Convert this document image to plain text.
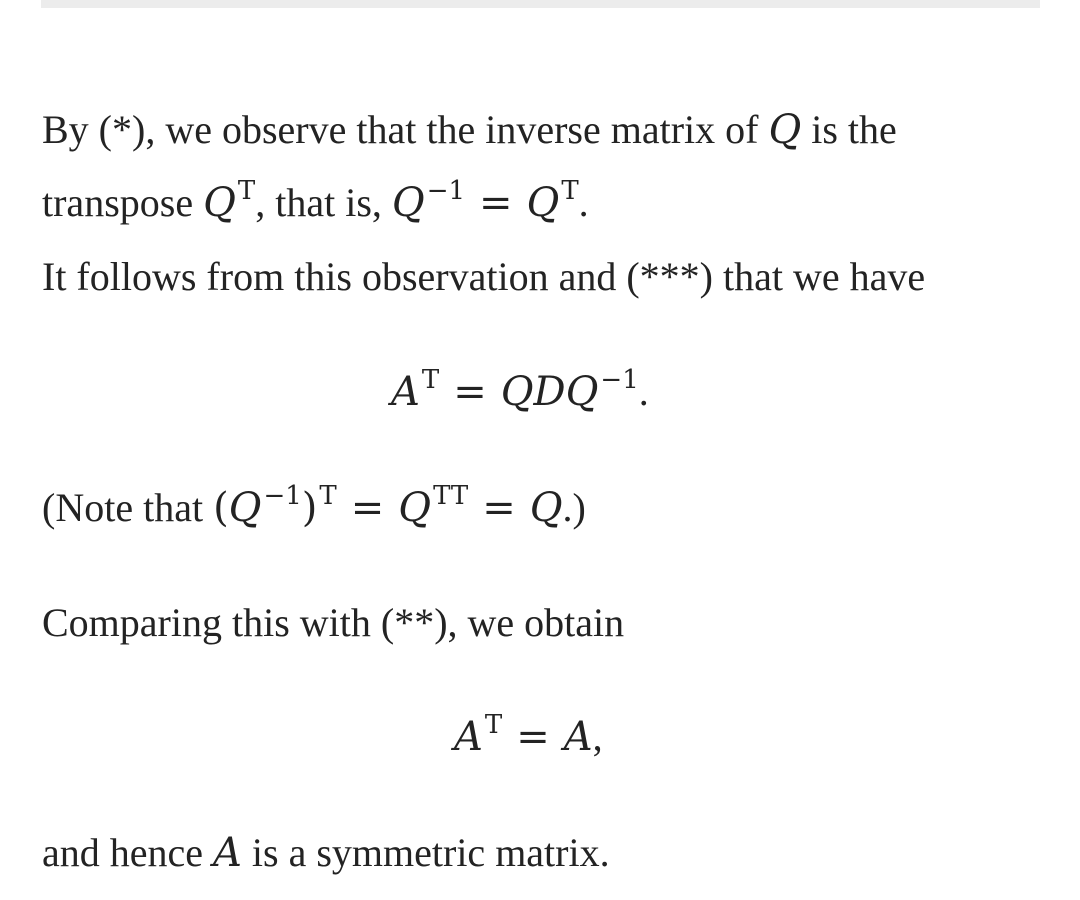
By (*), we observe that the inverse matrix of Q is the
transpose $Q^T$, that is, $Q^{-1} = Q^T$.
It follows from this observation and (***) that we have
$A^T = QDQ^{-1}$.
(Note that $(Q^{-1})^T = Q^{TT} = Q$.)
Comparing this with (**), we obtain
$A^T = A$,
and hence A is a symmetric matrix.
